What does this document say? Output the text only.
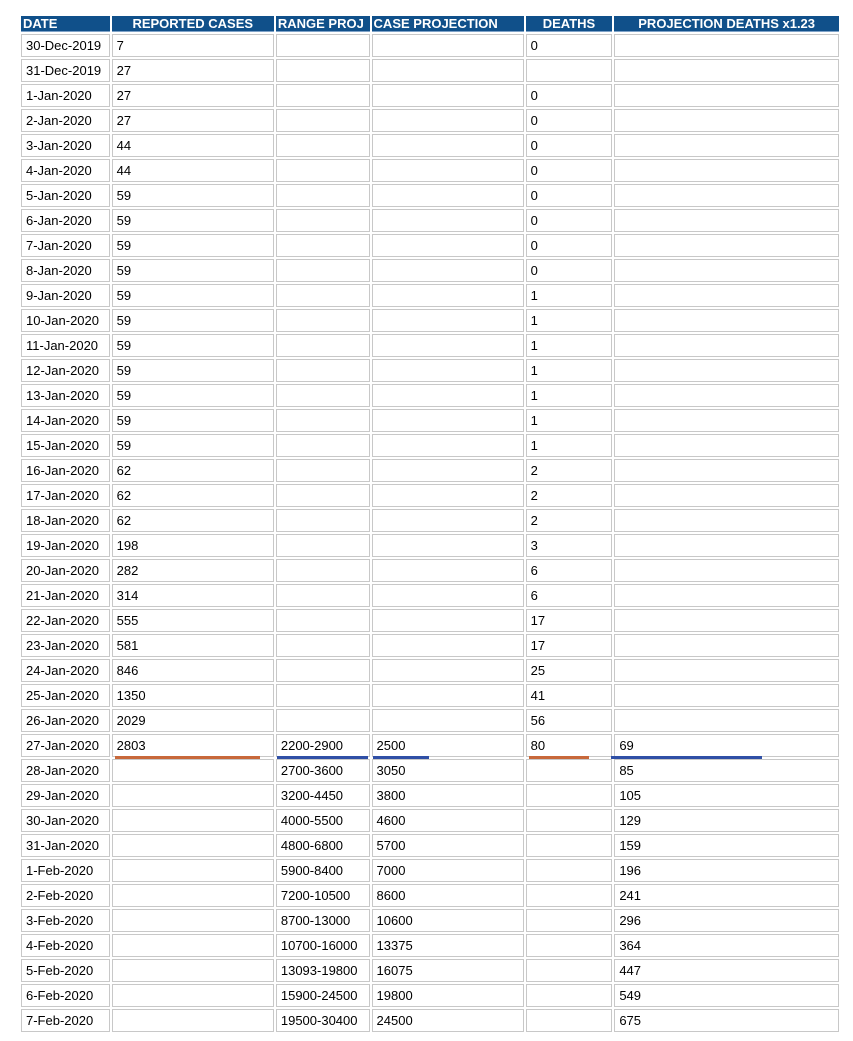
DATE	REPORTED CASES	RANGE PROJ	CASE PROJECTION	DEATHS	PROJECTION DEATHS x1.23
30-Dec-2019	7			0	
31-Dec-2019	27				
1-Jan-2020	27			0	
2-Jan-2020	27			0	
3-Jan-2020	44			0	
4-Jan-2020	44			0	
5-Jan-2020	59			0	
6-Jan-2020	59			0	
7-Jan-2020	59			0	
8-Jan-2020	59			0	
9-Jan-2020	59			1	
10-Jan-2020	59			1	
11-Jan-2020	59			1	
12-Jan-2020	59			1	
13-Jan-2020	59			1	
14-Jan-2020	59			1	
15-Jan-2020	59			1	
16-Jan-2020	62			2	
17-Jan-2020	62			2	
18-Jan-2020	62			2	
19-Jan-2020	198			3	
20-Jan-2020	282			6	
21-Jan-2020	314			6	
22-Jan-2020	555			17	
23-Jan-2020	581			17	
24-Jan-2020	846			25	
25-Jan-2020	1350			41	
26-Jan-2020	2029			56	
27-Jan-2020	2803	2200-2900	2500	80	69

28-Jan-2020		2700-3600	3050		85
29-Jan-2020		3200-4450	3800		105
30-Jan-2020		4000-5500	4600		129
31-Jan-2020		4800-6800	5700		159
1-Feb-2020		5900-8400	7000		196
2-Feb-2020		7200-10500	8600		241
3-Feb-2020		8700-13000	10600		296
4-Feb-2020		10700-16000	13375		364
5-Feb-2020		13093-19800	16075		447
6-Feb-2020		15900-24500	19800		549
7-Feb-2020		19500-30400	24500		675
